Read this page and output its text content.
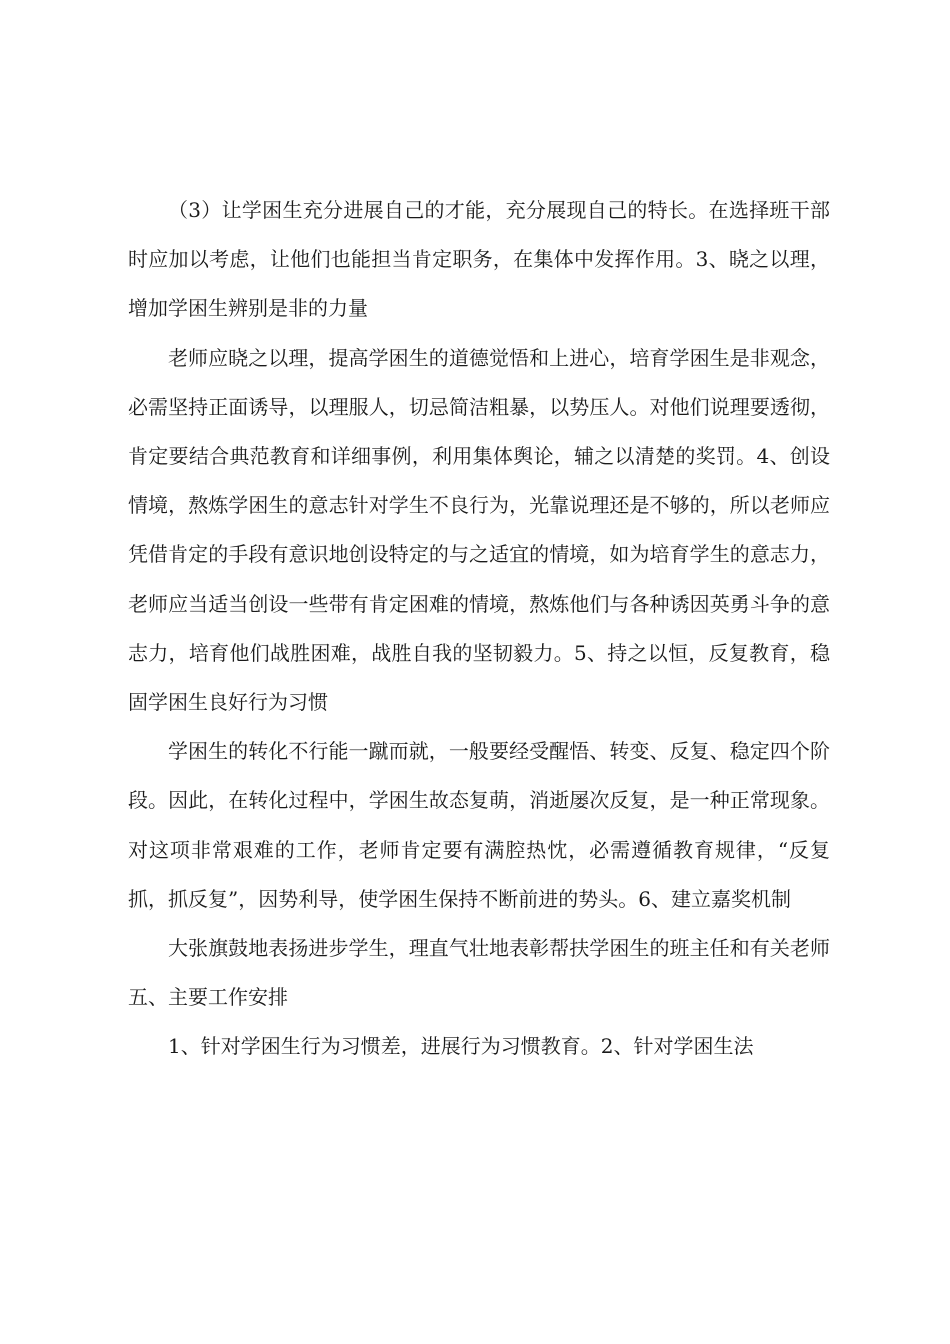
（3）让学困生充分进展自己的才能，充分展现自己的特长。在选择班干部时应加以考虑，让他们也能担当肯定职务，在集体中发挥作用。3、晓之以理，增加学困生辨别是非的力量

老师应晓之以理，提高学困生的道德觉悟和上进心，培育学困生是非观念，必需坚持正面诱导，以理服人，切忌简洁粗暴，以势压人。对他们说理要透彻，肯定要结合典范教育和详细事例，利用集体舆论，辅之以清楚的奖罚。4、创设情境，熬炼学困生的意志针对学生不良行为，光靠说理还是不够的，所以老师应凭借肯定的手段有意识地创设特定的与之适宜的情境，如为培育学生的意志力，老师应当适当创设一些带有肯定困难的情境，熬炼他们与各种诱因英勇斗争的意志力，培育他们战胜困难，战胜自我的坚韧毅力。5、持之以恒，反复教育，稳固学困生良好行为习惯

学困生的转化不行能一蹴而就，一般要经受醒悟、转变、反复、稳定四个阶段。因此，在转化过程中，学困生故态复萌，消逝屡次反复，是一种正常现象。对这项非常艰难的工作，老师肯定要有满腔热忱，必需遵循教育规律，“反复抓，抓反复”，因势利导，使学困生保持不断前进的势头。6、建立嘉奖机制

大张旗鼓地表扬进步学生，理直气壮地表彰帮扶学困生的班主任和有关老师五、主要工作安排

1、针对学困生行为习惯差，进展行为习惯教育。2、针对学困生法
